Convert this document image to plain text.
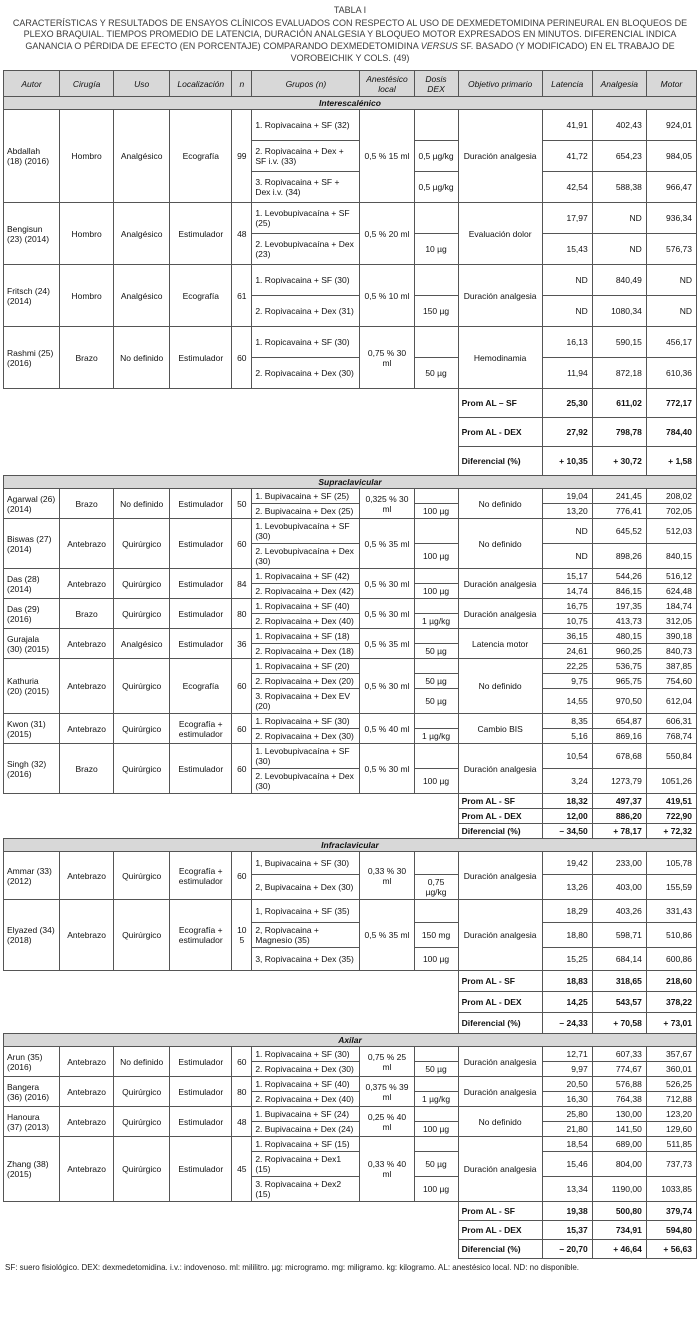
TABLA I
CARACTERÍSTICAS Y RESULTADOS DE ENSAYOS CLÍNICOS EVALUADOS CON RESPECTO AL USO DE DEXMEDETOMIDINA PERINEURAL EN BLOQUEOS DE PLEXO BRAQUIAL. TIEMPOS PROMEDIO DE LATENCIA, DURACIÓN ANALGESIA Y BLOQUEO MOTOR EXPRESADOS EN MINUTOS. DIFERENCIAL INDICA GANANCIA O PÉRDIDA DE EFECTO (EN PORCENTAJE) COMPARANDO DEXMEDETOMIDINA VERSUS SF. BASADO (Y MODIFICADO) EN EL TRABAJO DE VOROBEICHIK Y COLS. (49)
Autor	Cirugía	Uso	Localización	n	Grupos (n)	Anestésico local	Dosis DEX	Objetivo primario	Latencia	Analgesia	Motor
Interescalénico											
Abdallah (18) (2016)	Hombro	Analgésico	Ecografía	99	1. Ropivacaina + SF (32)	0,5 % 15 ml		Duración analgesia	41,91	402,43	924,01
					2. Ropivacaina + Dex + SF i.v. (33)		0,5 µg/kg		41,72	654,23	984,05
					3. Ropivacaina + SF + Dex i.v. (34)		0,5 µg/kg		42,54	588,38	966,47
Bengisun (23) (2014)	Hombro	Analgésico	Estimulador	48	1. Levobupivacaína + SF (25)	0,5 % 20 ml		Evaluación dolor	17,97	ND	936,34
					2. Levobupivacaína + Dex (23)		10 µg		15,43	ND	576,73
Fritsch (24) (2014)	Hombro	Analgésico	Ecografía	61	1. Ropivacaina + SF (30)	0,5 % 10 ml		Duración analgesia	ND	840,49	ND
					2. Ropivacaina + Dex (31)		150 µg		ND	1080,34	ND
Rashmi (25) (2016)	Brazo	No definido	Estimulador	60	1. Ropicavaina + SF (30)	0,75 % 30 ml		Hemodinamia	16,13	590,15	456,17
					2. Ropivacaina + Dex (30)		50 µg		11,94	872,18	610,36
								Prom AL – SF	25,30	611,02	772,17
								Prom AL - DEX	27,92	798,78	784,40
								Diferencial (%)	+ 10,35	+ 30,72	+ 1,58
Supraclavicular											
Agarwal (26) (2014)	Brazo	No definido	Estimulador	50	1. Bupivacaina + SF (25)	0,325 % 30 ml		No definido	19,04	241,45	208,02
					2. Bupivacaina + Dex (25)		100 µg		13,20	776,41	702,05
Biswas (27) (2014)	Antebrazo	Quirúrgico	Estimulador	60	1. Levobupivacaína + SF (30)	0,5 % 35 ml		No definido	ND	645,52	512,03
					2. Levobupivacaína + Dex (30)		100 µg		ND	898,26	840,15
Das (28) (2014)	Antebrazo	Quirúrgico	Estimulador	84	1. Ropivacaina + SF (42)	0,5 % 30 ml		Duración analgesia	15,17	544,26	516,12
					2. Ropivacaina + Dex (42)		100 µg		14,74	846,15	624,48
Das (29) (2016)	Brazo	Quirúrgico	Estimulador	80	1. Ropivacaina + SF (40)	0,5 % 30 ml		Duración analgesia	16,75	197,35	184,74
					2. Ropivacaina + Dex (40)		1 µg/kg		10,75	413,73	312,05
Gurajala (30) (2015)	Antebrazo	Analgésico	Estimulador	36	1. Ropivacaina + SF (18)	0,5 % 35 ml		Latencia motor	36,15	480,15	390,18
					2. Ropivacaina + Dex (18)		50 µg		24,61	960,25	840,73
Kathuria (20) (2015)	Antebrazo	Quirúrgico	Ecografía	60	1. Ropivacaina + SF (20)	0,5 % 30 ml		No definido	22,25	536,75	387,85
					2. Ropivacaina + Dex (20)		50 µg		9,75	965,75	754,60
					3. Ropivacaina + Dex EV (20)		50 µg		14,55	970,50	612,04
Kwon (31) (2015)	Antebrazo	Quirúrgico	Ecografía + estimulador	60	1. Ropivacaina + SF (30)	0,5 % 40 ml		Cambio BIS	8,35	654,87	606,31
					2. Ropivacaina + Dex (30)		1 µg/kg		5,16	869,16	768,74
Singh (32) (2016)	Brazo	Quirúrgico	Estimulador	60	1. Levobupivacaína + SF (30)	0,5 % 30 ml		Duración analgesia	10,54	678,68	550,84
					2. Levobupivacaína + Dex (30)		100 µg		3,24	1273,79	1051,26
								Prom AL - SF	18,32	497,37	419,51
								Prom AL - DEX	12,00	886,20	722,90
								Diferencial (%)	– 34,50	+ 78,17	+ 72,32
Infraclavicular											
Ammar (33) (2012)	Antebrazo	Quirúrgico	Ecografía + estimulador	60	1, Bupivacaina + SF (30)	0,33 % 30 ml		Duración analgesia	19,42	233,00	105,78
					2, Bupivacaina + Dex (30)		0,75 µg/kg		13,26	403,00	155,59
Elyazed (34) (2018)	Antebrazo	Quirúrgico	Ecografía + estimulador	105	1, Ropivacaina + SF (35)	0,5 % 35 ml		Duración analgesia	18,29	403,26	331,43
					2, Ropivacaina + Magnesio (35)		150 mg		18,80	598,71	510,86
					3, Ropivacaina + Dex (35)		100 µg		15,25	684,14	600,86
								Prom AL - SF	18,83	318,65	218,60
								Prom AL - DEX	14,25	543,57	378,22
								Diferencial (%)	– 24,33	+ 70,58	+ 73,01
Axilar											
Arun (35) (2016)	Antebrazo	No definido	Estimulador	60	1. Ropivacaina + SF (30)	0,75 % 25 ml		Duración analgesia	12,71	607,33	357,67
					2. Ropivacaina + Dex (30)		50 µg		9,97	774,67	360,01
Bangera (36) (2016)	Antebrazo	Quirúrgico	Estimulador	80	1. Ropivacaina + SF (40)	0,375 % 39 ml		Duración analgesia	20,50	576,88	526,25
					2. Ropivacaina + Dex (40)		1 µg/kg		16,30	764,38	712,88
Hanoura (37) (2013)	Antebrazo	Quirúrgico	Estimulador	48	1. Bupivacaina + SF (24)	0,25 % 40 ml		No definido	25,80	130,00	123,20
					2. Bupivacaina + Dex (24)		100 µg		21,80	141,50	129,60
Zhang (38) (2015)	Antebrazo	Quirúrgico	Estimulador	45	1. Ropivacaina + SF (15)	0,33 % 40 ml		Duración analgesia	18,54	689,00	511,85
					2. Ropivacaina + Dex1 (15)		50 µg		15,46	804,00	737,73
					3. Ropivacaina + Dex2 (15)		100 µg		13,34	1190,00	1033,85
								Prom AL - SF	19,38	500,80	379,74
								Prom AL - DEX	15,37	734,91	594,80
								Diferencial (%)	– 20,70	+ 46,64	+ 56,63
SF: suero fisiológico. DEX: dexmedetomidina. i.v.: indovenoso. ml: mililitro. µg: microgramo. mg: miligramo. kg: kilogramo. AL: anestésico local. ND: no disponible.
